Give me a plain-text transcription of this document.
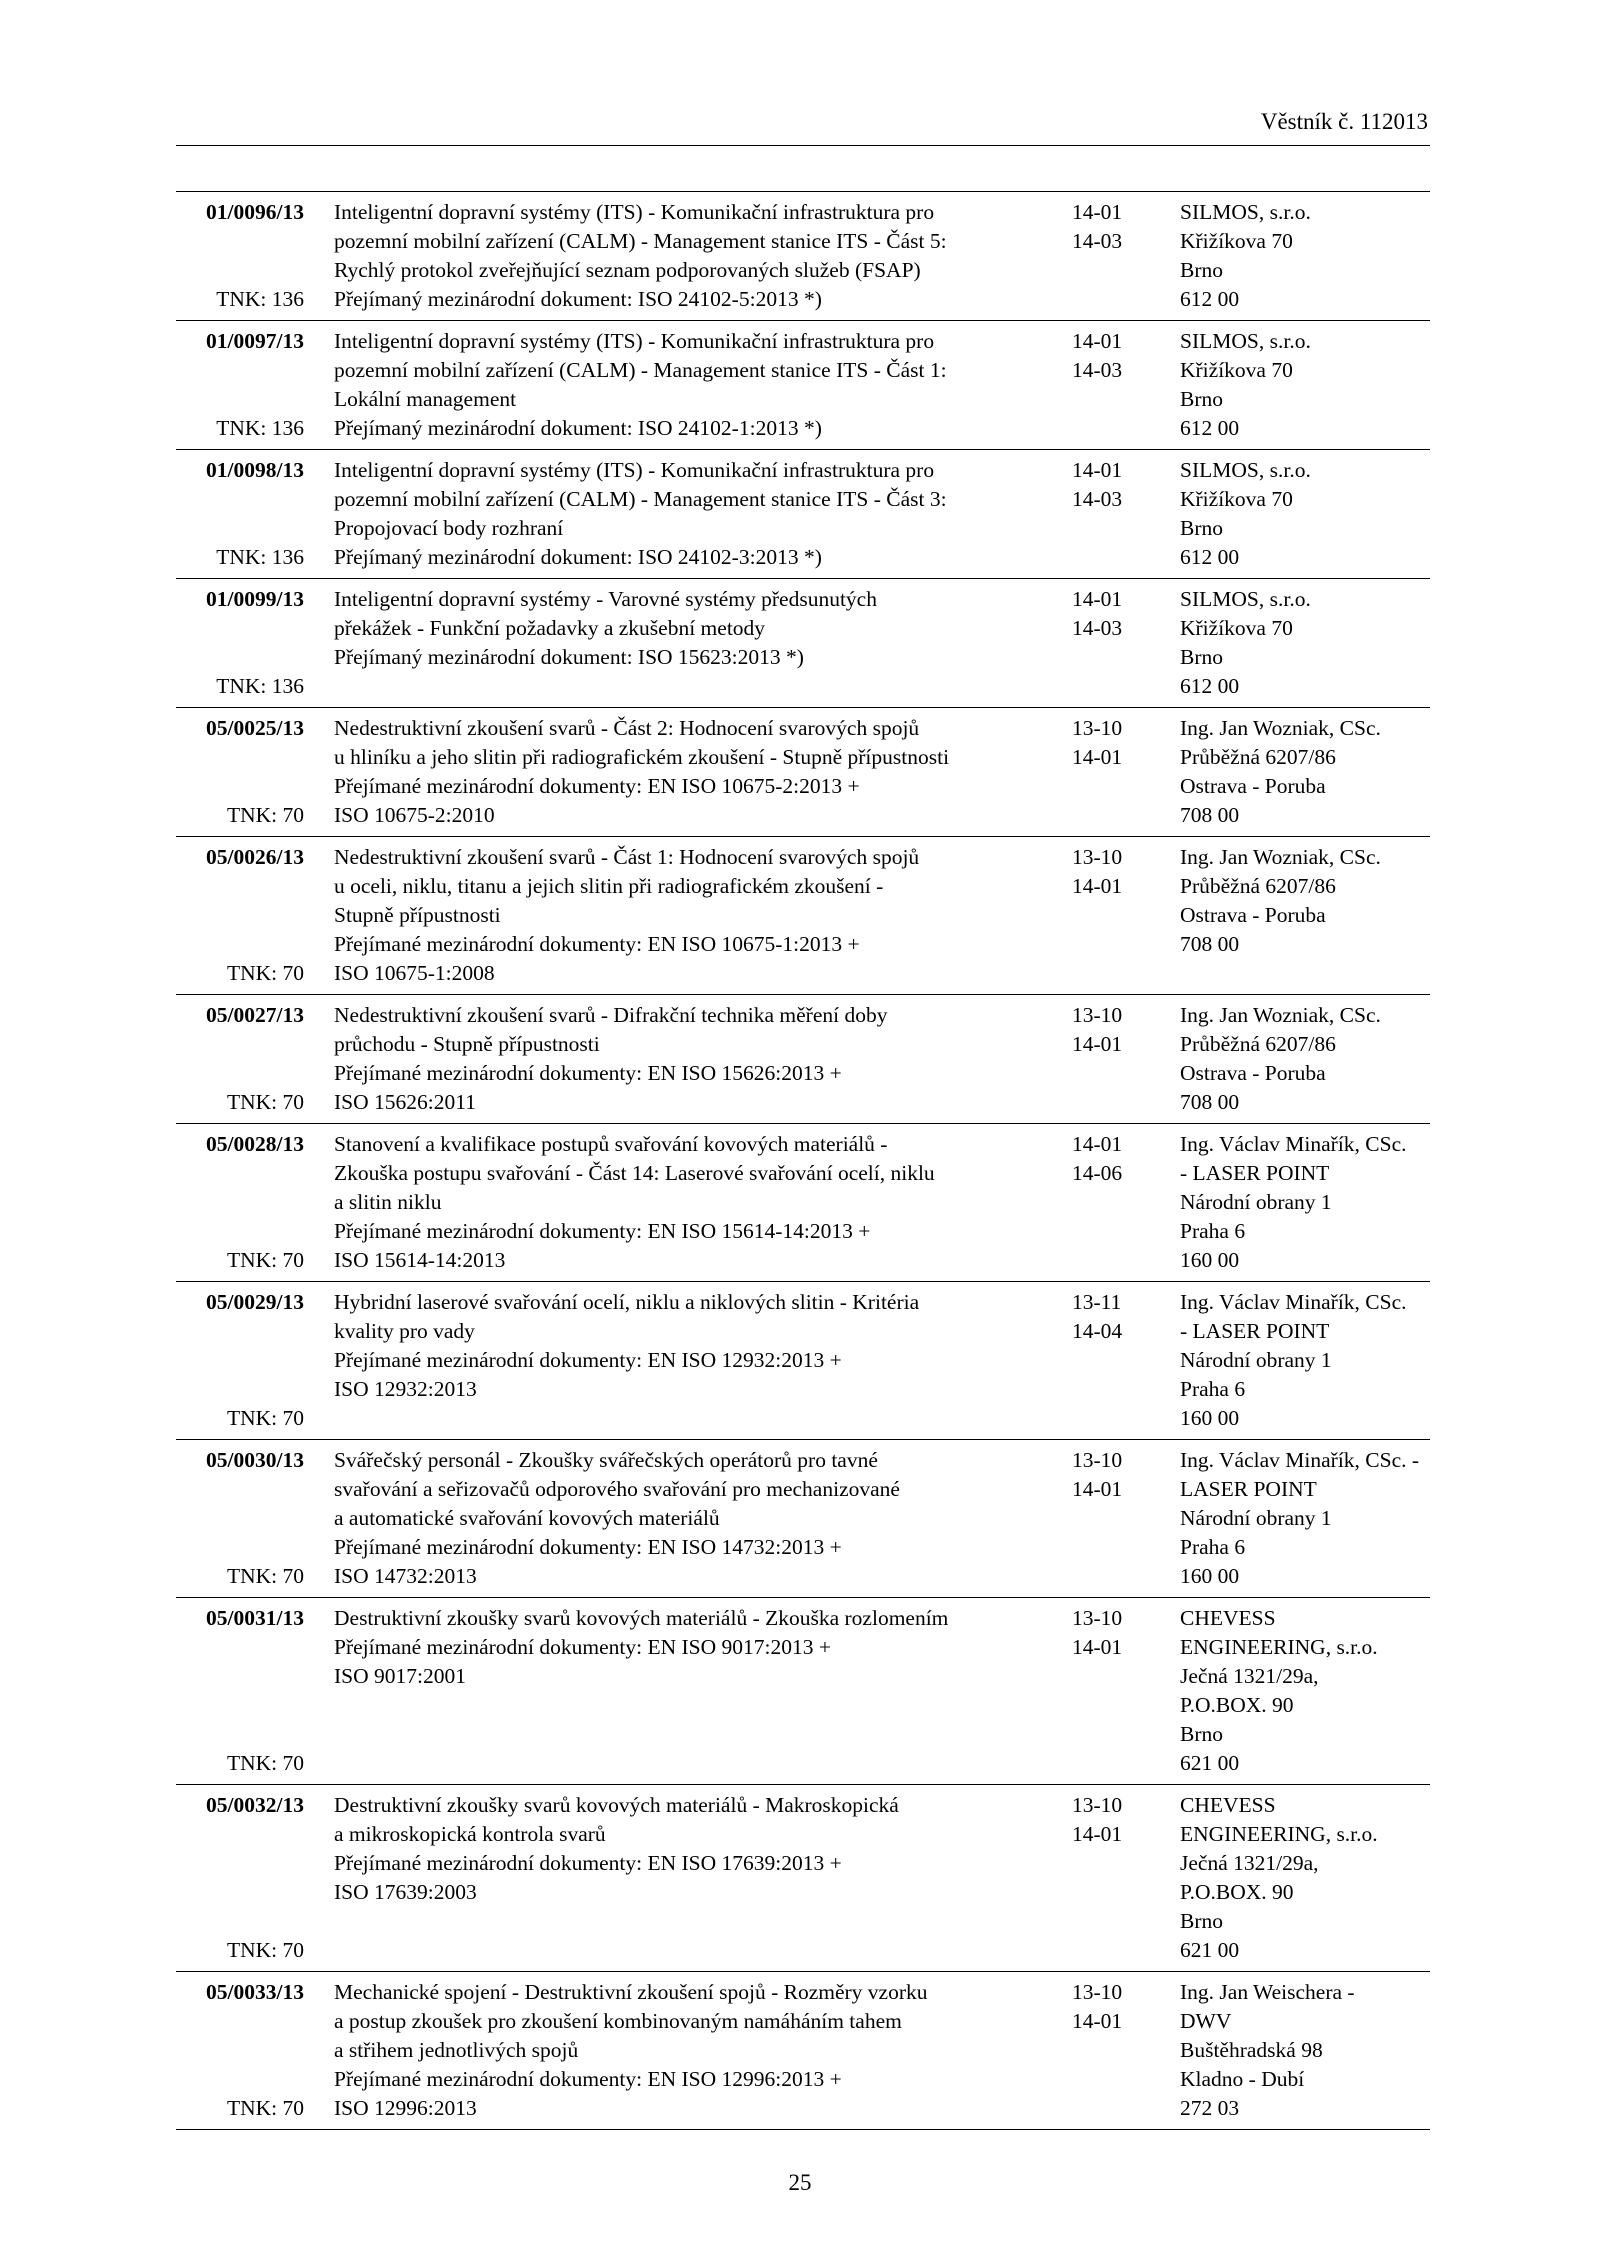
Věstník č. 112013
01/0096/13
TNK: 136
Inteligentní dopravní systémy (ITS) - Komunikační infrastruktura pro
pozemní mobilní zařízení (CALM) - Management stanice ITS - Část 5:
Rychlý protokol zveřejňující seznam podporovaných služeb (FSAP)
Přejímaný mezinárodní dokument: ISO 24102-5:2013 *)
14-01
14-03
SILMOS, s.r.o.
Křižíkova 70
Brno
612 00
01/0097/13
TNK: 136
Inteligentní dopravní systémy (ITS) - Komunikační infrastruktura pro
pozemní mobilní zařízení (CALM) - Management stanice ITS - Část 1:
Lokální management
Přejímaný mezinárodní dokument: ISO 24102-1:2013 *)
14-01
14-03
SILMOS, s.r.o.
Křižíkova 70
Brno
612 00
01/0098/13
TNK: 136
Inteligentní dopravní systémy (ITS) - Komunikační infrastruktura pro
pozemní mobilní zařízení (CALM) - Management stanice ITS - Část 3:
Propojovací body rozhraní
Přejímaný mezinárodní dokument: ISO 24102-3:2013 *)
14-01
14-03
SILMOS, s.r.o.
Křižíkova 70
Brno
612 00
01/0099/13
TNK: 136
Inteligentní dopravní systémy - Varovné systémy předsunutých
překážek - Funkční požadavky a zkušební metody
Přejímaný mezinárodní dokument: ISO 15623:2013 *)
14-01
14-03
SILMOS, s.r.o.
Křižíkova 70
Brno
612 00
05/0025/13
TNK: 70
Nedestruktivní zkoušení svarů - Část 2: Hodnocení svarových spojů
u hliníku a jeho slitin při radiografickém zkoušení - Stupně přípustnosti
Přejímané mezinárodní dokumenty: EN ISO 10675-2:2013 +
ISO 10675-2:2010
13-10
14-01
Ing. Jan Wozniak, CSc.
Průběžná 6207/86
Ostrava - Poruba
708 00
05/0026/13
TNK: 70
Nedestruktivní zkoušení svarů - Část 1: Hodnocení svarových spojů
u oceli, niklu, titanu a jejich slitin při radiografickém zkoušení -
Stupně přípustnosti
Přejímané mezinárodní dokumenty: EN ISO 10675-1:2013 +
ISO 10675-1:2008
13-10
14-01
Ing. Jan Wozniak, CSc.
Průběžná 6207/86
Ostrava - Poruba
708 00
05/0027/13
TNK: 70
Nedestruktivní zkoušení svarů - Difrakční technika měření doby
průchodu - Stupně přípustnosti
Přejímané mezinárodní dokumenty: EN ISO 15626:2013 +
ISO 15626:2011
13-10
14-01
Ing. Jan Wozniak, CSc.
Průběžná 6207/86
Ostrava - Poruba
708 00
05/0028/13
TNK: 70
Stanovení a kvalifikace postupů svařování kovových materiálů -
Zkouška postupu svařování - Část 14: Laserové svařování ocelí, niklu
a slitin niklu
Přejímané mezinárodní dokumenty: EN ISO 15614-14:2013 +
ISO 15614-14:2013
14-01
14-06
Ing. Václav Minařík, CSc.
- LASER POINT
Národní obrany 1
Praha 6
160 00
05/0029/13
TNK: 70
Hybridní laserové svařování ocelí, niklu a niklových slitin - Kritéria
kvality pro vady
Přejímané mezinárodní dokumenty: EN ISO 12932:2013 +
ISO 12932:2013
13-11
14-04
Ing. Václav Minařík, CSc.
- LASER POINT
Národní obrany 1
Praha 6
160 00
05/0030/13
TNK: 70
Svářečský personál - Zkoušky svářečských operátorů pro tavné
svařování a seřizovačů odporového svařování pro mechanizované
a automatické svařování kovových materiálů
Přejímané mezinárodní dokumenty: EN ISO 14732:2013 +
ISO 14732:2013
13-10
14-01
Ing. Václav Minařík, CSc. -
LASER POINT
Národní obrany 1
Praha 6
160 00
05/0031/13
TNK: 70
Destruktivní zkoušky svarů kovových materiálů - Zkouška rozlomením
Přejímané mezinárodní dokumenty: EN ISO 9017:2013 +
ISO 9017:2001
13-10
14-01
CHEVESS
ENGINEERING, s.r.o.
Ječná 1321/29a,
P.O.BOX. 90
Brno
621 00
05/0032/13
TNK: 70
Destruktivní zkoušky svarů kovových materiálů - Makroskopická
a mikroskopická kontrola svarů
Přejímané mezinárodní dokumenty: EN ISO 17639:2013 +
ISO 17639:2003
13-10
14-01
CHEVESS
ENGINEERING, s.r.o.
Ječná 1321/29a,
P.O.BOX. 90
Brno
621 00
05/0033/13
TNK: 70
Mechanické spojení - Destruktivní zkoušení spojů - Rozměry vzorku
a postup zkoušek pro zkoušení kombinovaným namáháním tahem
a střihem jednotlivých spojů
Přejímané mezinárodní dokumenty: EN ISO 12996:2013 +
ISO 12996:2013
13-10
14-01
Ing. Jan Weischera -
DWV
Buštěhradská 98
Kladno - Dubí
272 03
25
